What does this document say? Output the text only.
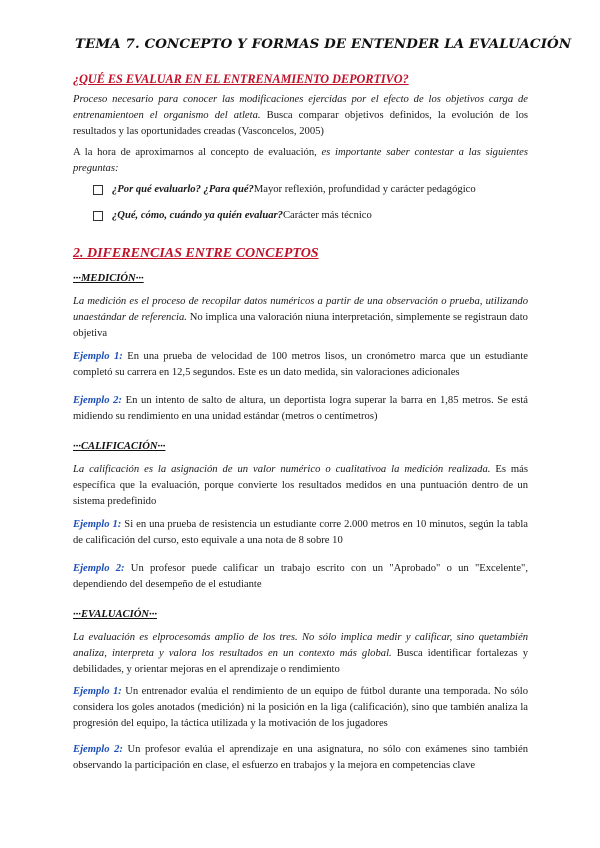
TEMA 7. CONCEPTO Y FORMAS DE ENTENDER LA EVALUACIÓN
¿QUÉ ES EVALUAR EN EL ENTRENAMIENTO DEPORTIVO?
Proceso necesario para conocer las modificaciones ejercidas por el efecto de los objetivos carga de entrenamientoen el organismo del atleta. Busca comparar objetivos definidos, la evolución de los resultados y las oportunidades creadas (Vasconcelos, 2005)
A la hora de aproximarnos al concepto de evaluación, es importante saber contestar a las siguientes preguntas:
¿Por qué evaluarlo? ¿Para qué? Mayor reflexión, profundidad y carácter pedagógico
¿Qué, cómo, cuándo ya quién evaluar? Carácter más técnico
2. DIFERENCIAS ENTRE CONCEPTOS
···MEDICIÓN···
La medición es el proceso de recopilar datos numéricos a partir de una observación o prueba, utilizando unaestándar de referencia. No implica una valoración niuna interpretación, simplemente se registraun dato objetiva
Ejemplo 1: En una prueba de velocidad de 100 metros lisos, un cronómetro marca que un estudiante completó su carrera en 12,5 segundos. Este es un dato medida, sin valoraciones adicionales
Ejemplo 2: En un intento de salto de altura, un deportista logra superar la barra en 1,85 metros. Se está midiendo su rendimiento en una unidad estándar (metros o centímetros)
···CALIFICACIÓN···
La calificación es la asignación de un valor numérico o cualitativoa la medición realizada. Es más específica que la evaluación, porque convierte los resultados medidos en una puntuación dentro de un sistema predefinido
Ejemplo 1: Si en una prueba de resistencia un estudiante corre 2.000 metros en 10 minutos, según la tabla de calificación del curso, esto equivale a una nota de 8 sobre 10
Ejemplo 2: Un profesor puede calificar un trabajo escrito con un "Aprobado" o un "Excelente", dependiendo del desempeño de el estudiante
···EVALUACIÓN···
La evaluación es elprocesomás amplio de los tres. No sólo implica medir y calificar, sino quetambién analiza, interpreta y valora los resultados en un contexto más global. Busca identificar fortalezas y debilidades, y orientar mejoras en el aprendizaje o rendimiento
Ejemplo 1: Un entrenador evalúa el rendimiento de un equipo de fútbol durante una temporada. No sólo considera los goles anotados (medición) ni la posición en la liga (calificación), sino que también analiza la progresión del equipo, la táctica utilizada y la motivación de los jugadores
Ejemplo 2: Un profesor evalúa el aprendizaje en una asignatura, no sólo con exámenes sino también observando la participación en clase, el esfuerzo en trabajos y la mejora en competencias clave
